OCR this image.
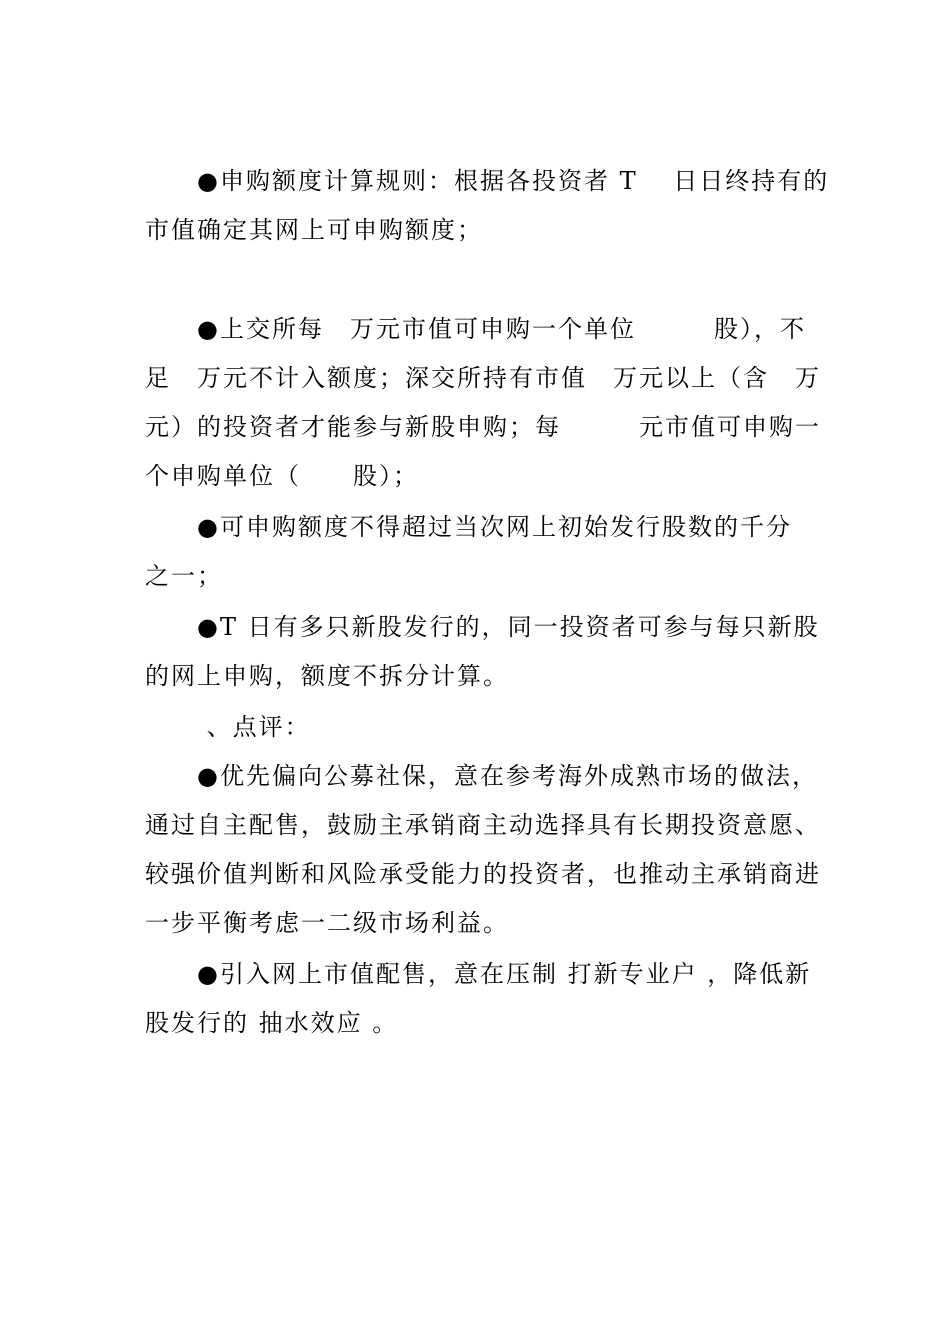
●申购额度计算规则：根据各投资者 T　 日日终持有的
市值确定其网上可申购额度；
●上交所每　万元市值可申购一个单位　　　股），不
足　万元不计入额度；深交所持有市值　万元以上（含　万
元）的投资者才能参与新股申购；每　　　元市值可申购一
个申购单位（　　股）；
●可申购额度不得超过当次网上初始发行股数的千分
之一；
●T 日有多只新股发行的，同一投资者可参与每只新股
的网上申购，额度不拆分计算。
、点评：
●优先偏向公募社保，意在参考海外成熟市场的做法，
通过自主配售，鼓励主承销商主动选择具有长期投资意愿、
较强价值判断和风险承受能力的投资者，也推动主承销商进
一步平衡考虑一二级市场利益。
●引入网上市值配售，意在压制 打新专业户 ，降低新
股发行的 抽水效应 。
